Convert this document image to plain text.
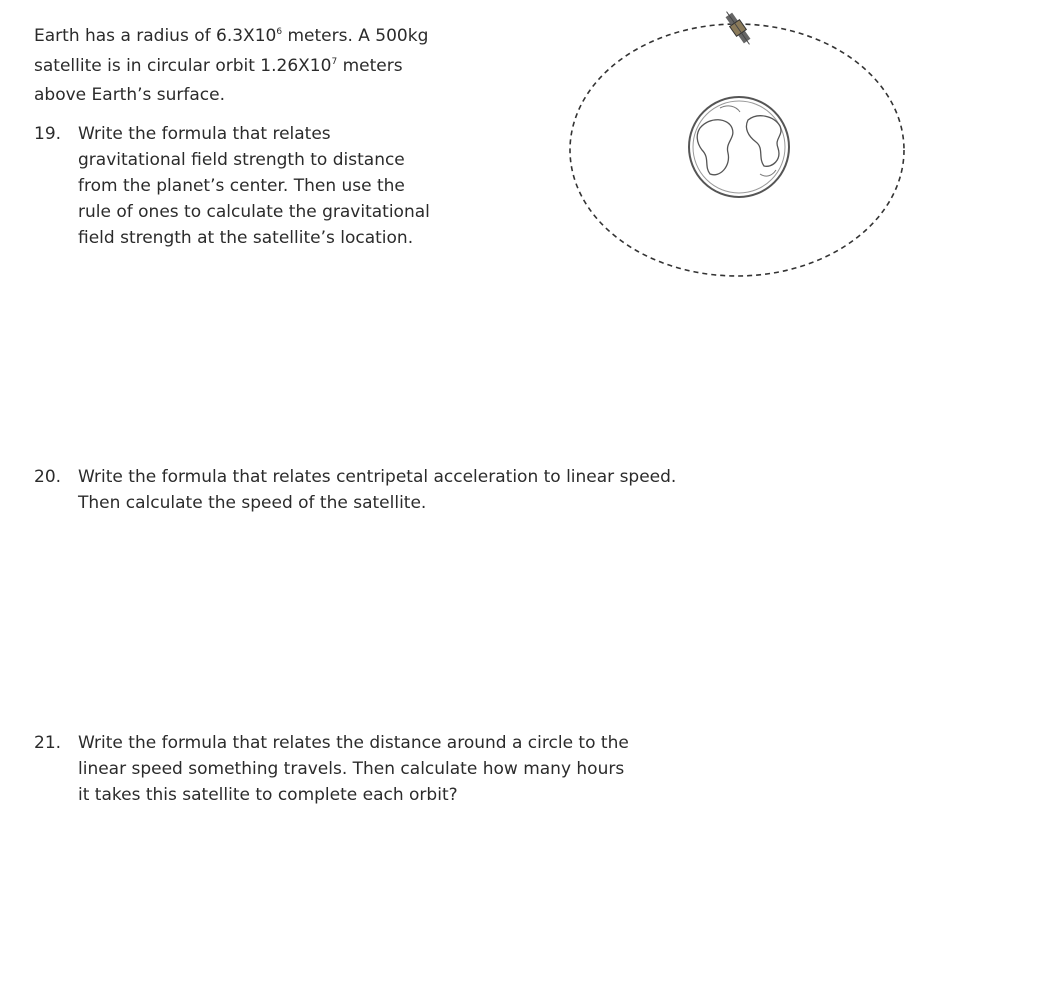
Earth has a radius of $6.3X10^6$ meters. A 500kg
satellite is in circular orbit $1.26X10^7$ meters
above Earth’s surface.
19. Write the formula that relates
gravitational field strength to distance
from the planet’s center. Then use the
rule of ones to calculate the gravitational
field strength at the satellite’s location.
20. Write the formula that relates centripetal acceleration to linear speed.
Then calculate the speed of the satellite.
21. Write the formula that relates the distance around a circle to the
linear speed something travels. Then calculate how many hours
it takes this satellite to complete each orbit?
